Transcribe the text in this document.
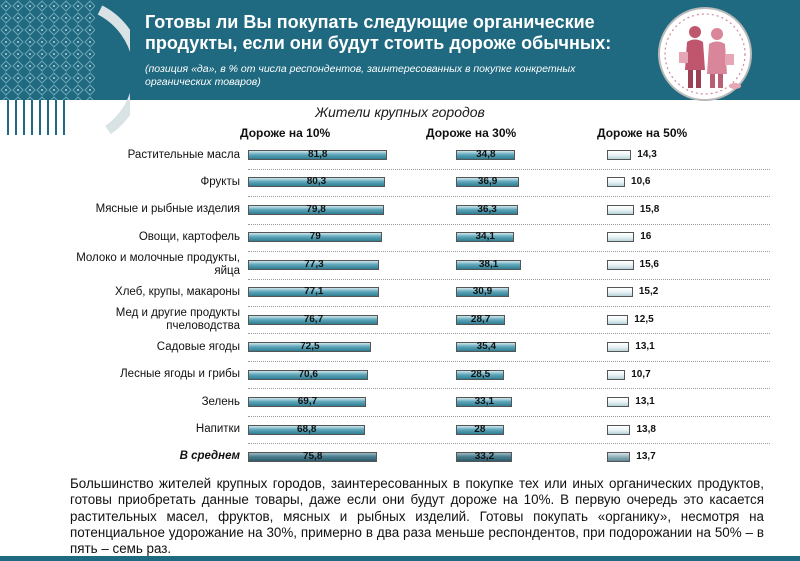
Готовы ли Вы покупать следующие органические продукты, если они будут стоить дороже обычных:
(позиция «да», в % от числа респондентов, заинтересованных в покупке конкретных органических товаров)
Жители крупных городов
Дороже на 10%	Дороже на 30%	Дороже на 50%
Растительные масла	81,8	34,8	14,3
Фрукты	80,3	36,9	10,6
Мясные и рыбные изделия	79,8	36,3	15,8
Овощи, картофель	79	34,1	16
Молоко и молочные продукты, яйца
77,3	38,1	15,6
Хлеб, крупы, макароны	77,1	30,9	15,2
Мед и другие продукты пчеловодства
76,7	28,7	12,5
Садовые ягоды	72,5	35,4	13,1
Лесные ягоды и грибы	70,6	28,5	10,7
Зелень	69,7	33,1	13,1
Напитки	68,8	28	13,8
В среднем	75,8	33,2	13,7
Большинство жителей крупных городов, заинтересованных в покупке тех или иных органических продуктов, готовы приобретать данные товары, даже если они будут дороже на 10%. В первую очередь это касается растительных масел, фруктов, мясных и рыбных изделий. Готовы покупать «органику», несмотря на потенциальное удорожание на 30%, примерно в два раза меньше респондентов, при подорожании на 50% – в пять – семь раз.
